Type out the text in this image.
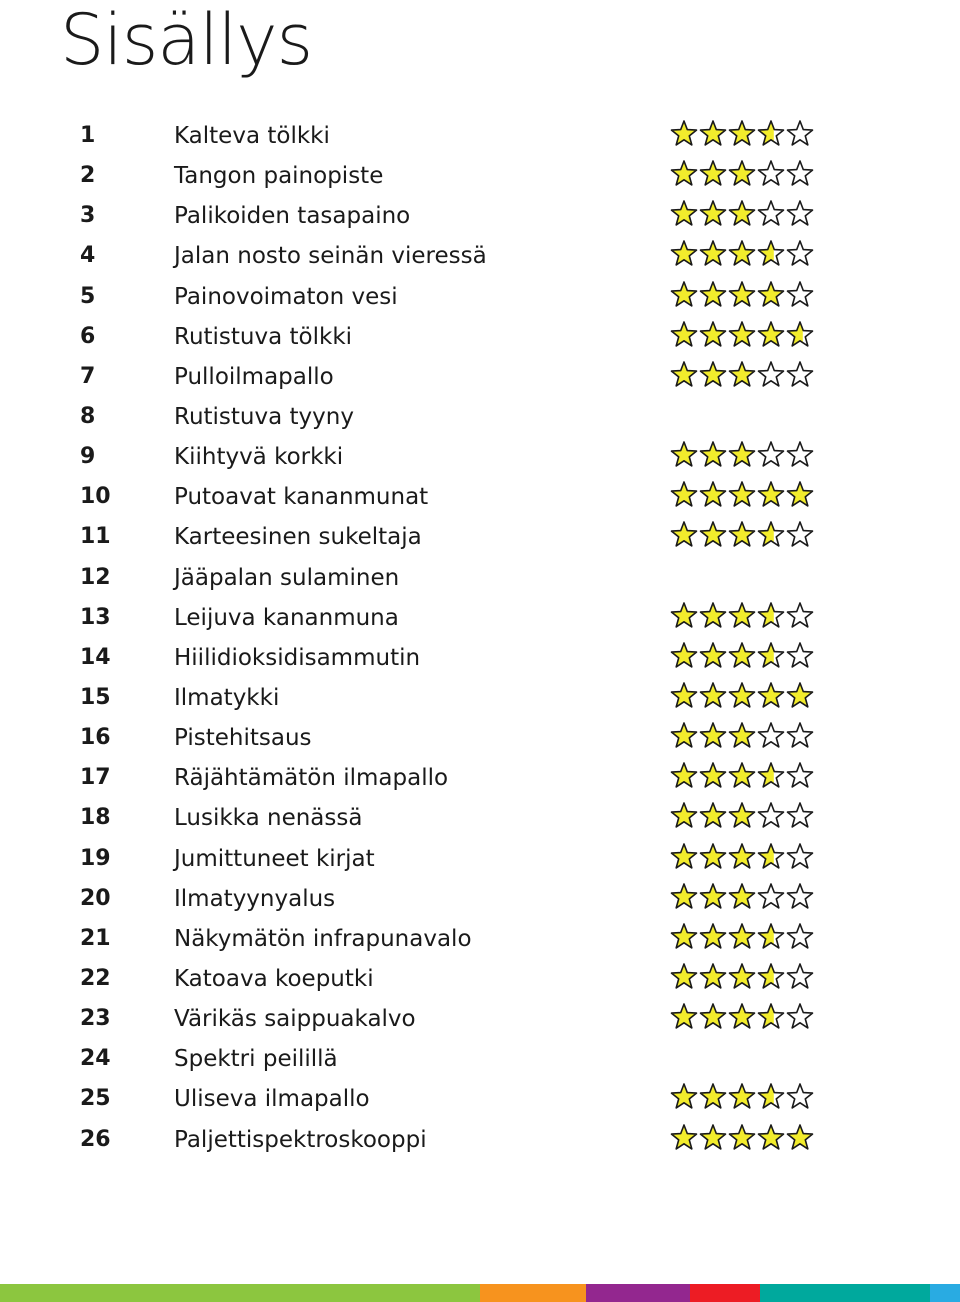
Sisällys
1	Kalteva tölkki
2	Tangon painopiste
3	Palikoiden tasapaino
4	Jalan nosto seinän vieressä
5	Painovoimaton vesi
6	Rutistuva tölkki
7	Pulloilmapallo
8	Rutistuva tyyny
9	Kiihtyvä korkki
10	Putoavat kananmunat
11	Karteesinen sukeltaja
12	Jääpalan sulaminen
13	Leijuva kananmuna
14	Hiilidioksidisammutin
15	Ilmatykki
16	Pistehitsaus
17	Räjähtämätön ilmapallo
18	Lusikka nenässä
19	Jumittuneet kirjat
20	Ilmatyynyalus
21	Näkymätön infrapunavalo
22	Katoava koeputki
23	Värikäs saippuakalvo
24	Spektri peilillä
25	Uliseva ilmapallo
26	Paljettispektroskooppi
